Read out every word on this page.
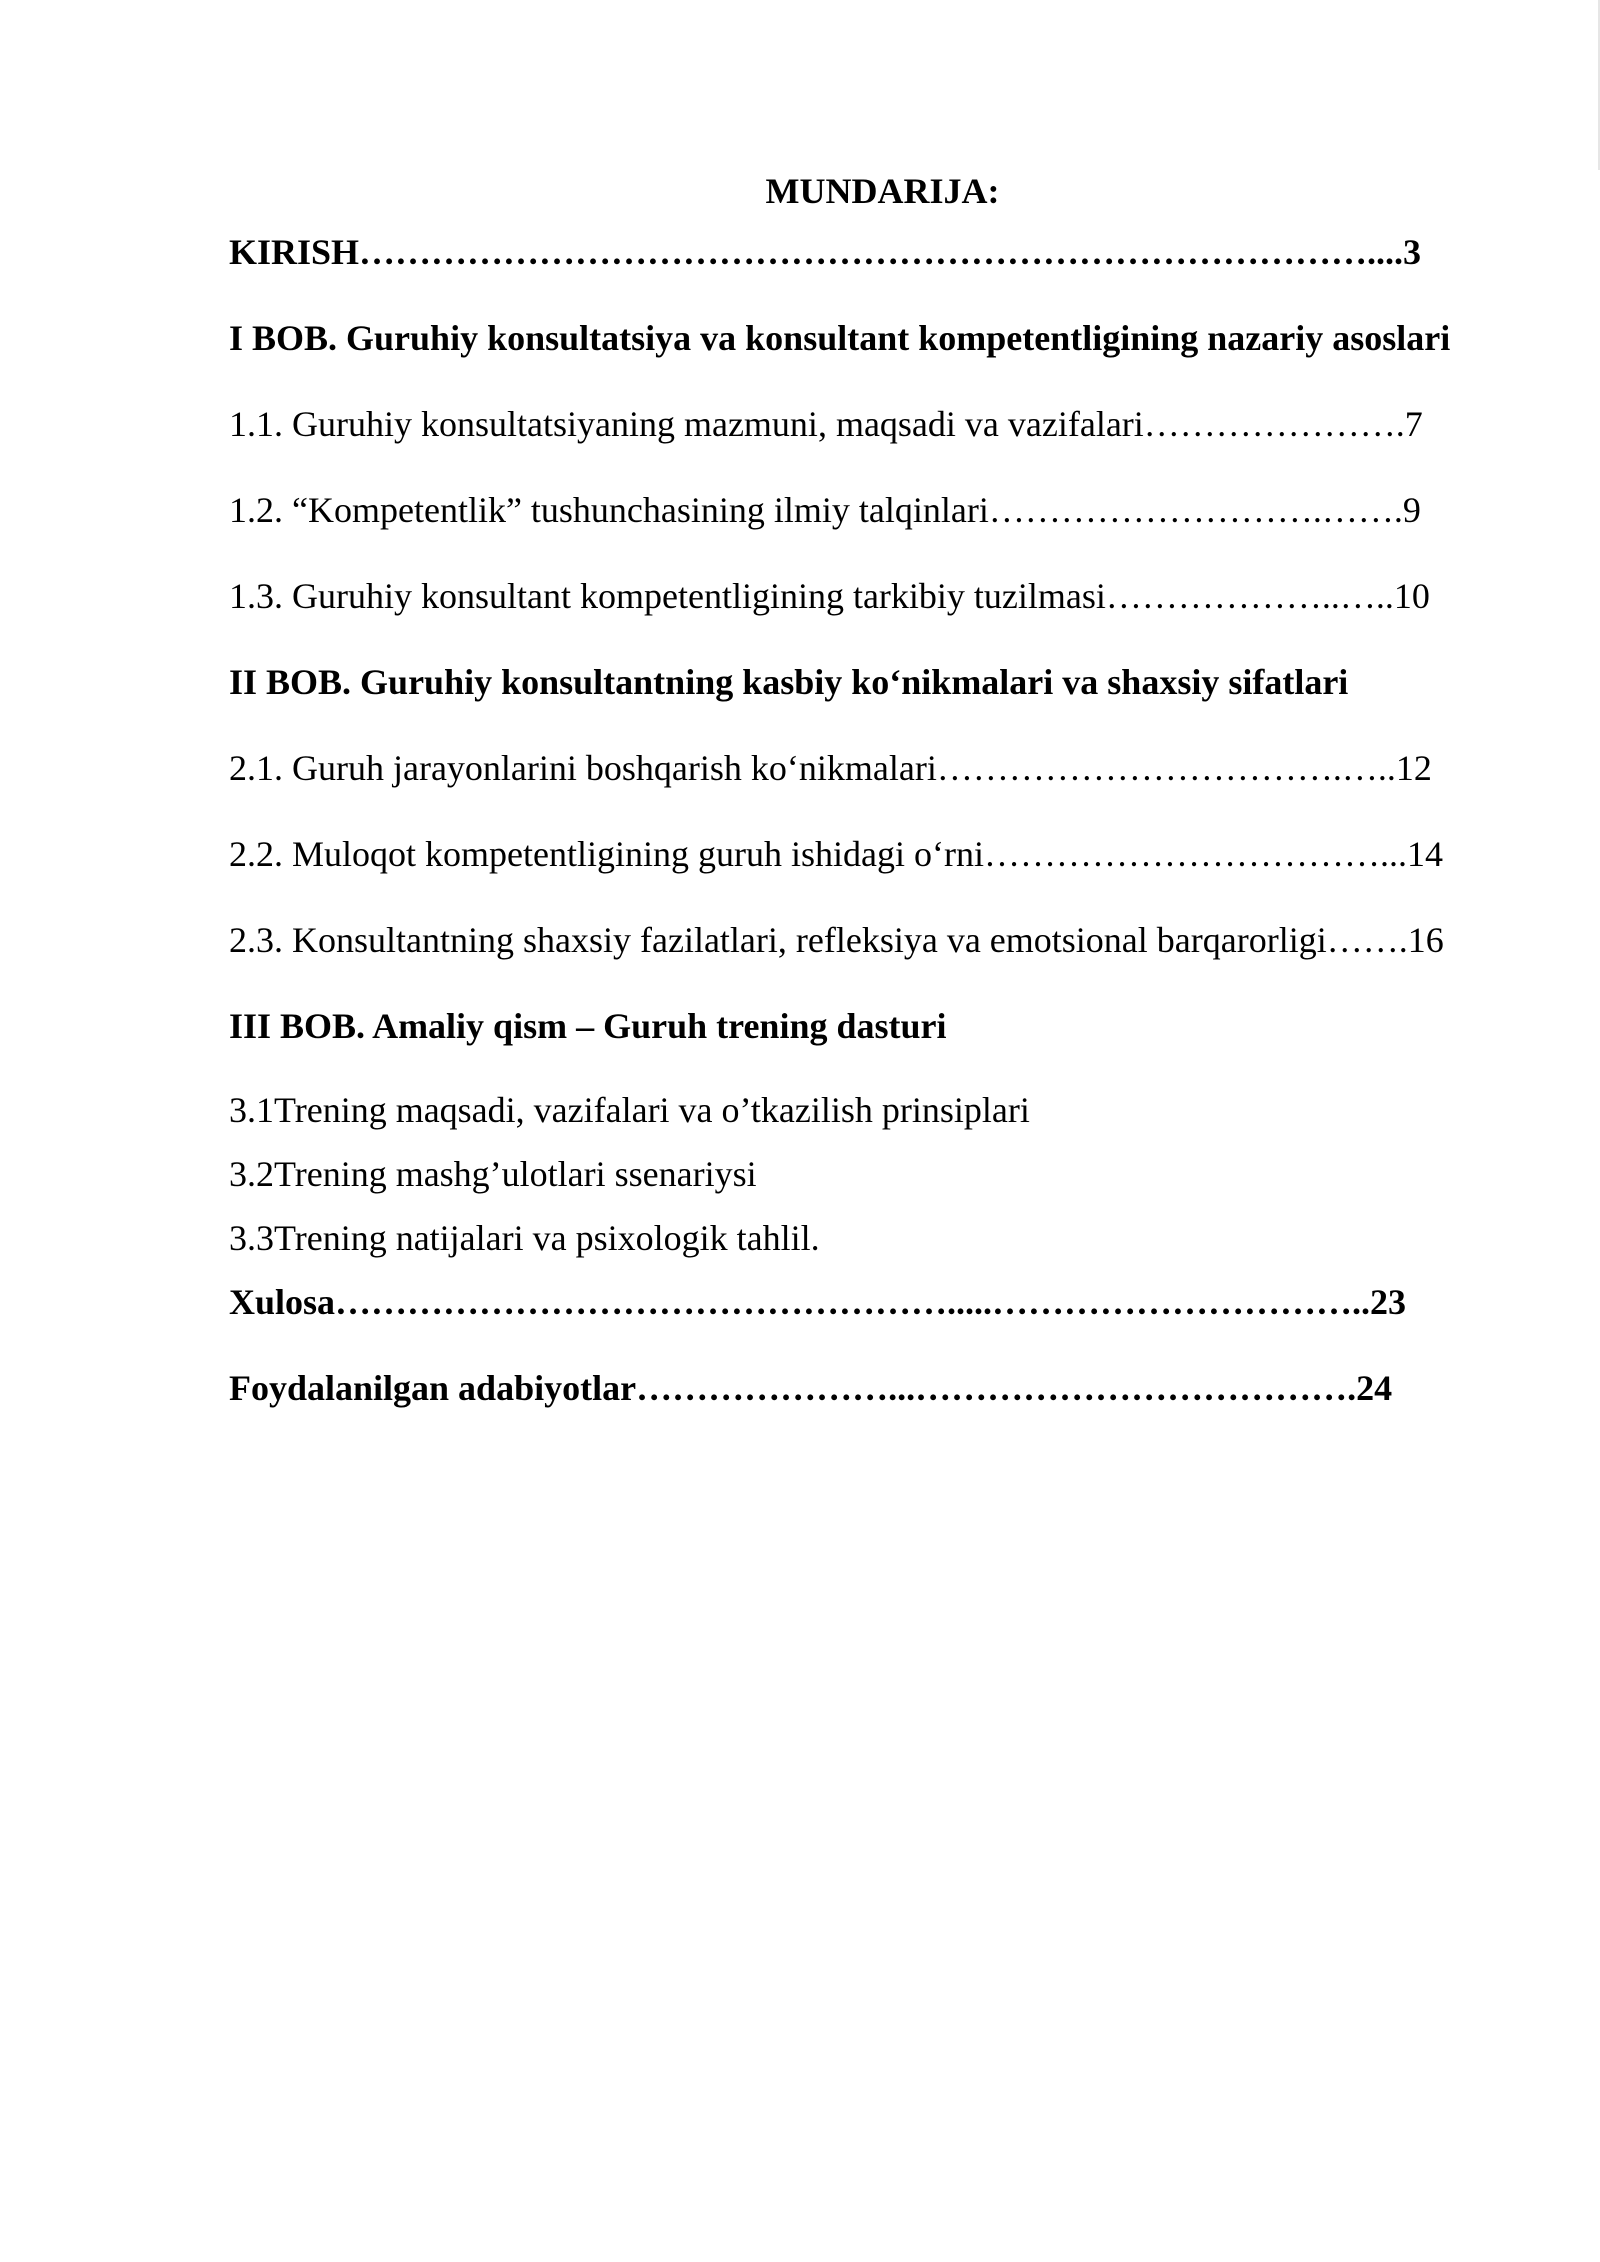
MUNDARIJA:

KIRISH…………………………………………………………………………....3

I BOB. Guruhiy konsultatsiya va konsultant kompetentligining nazariy asoslari

1.1. Guruhiy konsultatsiyaning mazmuni, maqsadi va vazifalari………………….7

1.2. “Kompetentlik” tushunchasining ilmiy talqinlari……………………….…….9

1.3. Guruhiy konsultant kompetentligining tarkibiy tuzilmasi………………..…..10

II BOB. Guruhiy konsultantning kasbiy ko‘nikmalari va shaxsiy sifatlari

2.1. Guruh jarayonlarini boshqarish ko‘nikmalari…………………………….…..12

2.2. Muloqot kompetentligining guruh ishidagi o‘rni……………………………...14

2.3. Konsultantning shaxsiy fazilatlari, refleksiya va emotsional barqarorligi…….16

III BOB. Amaliy qism – Guruh trening dasturi

3.1Trening maqsadi, vazifalari va o’tkazilish prinsiplari

3.2Trening mashg’ulotlari ssenariysi

3.3Trening natijalari va psixologik tahlil.

Xulosa…………………………………………….....…………………………..23

Foydalanilgan adabiyotlar…………………...……………………………….24
